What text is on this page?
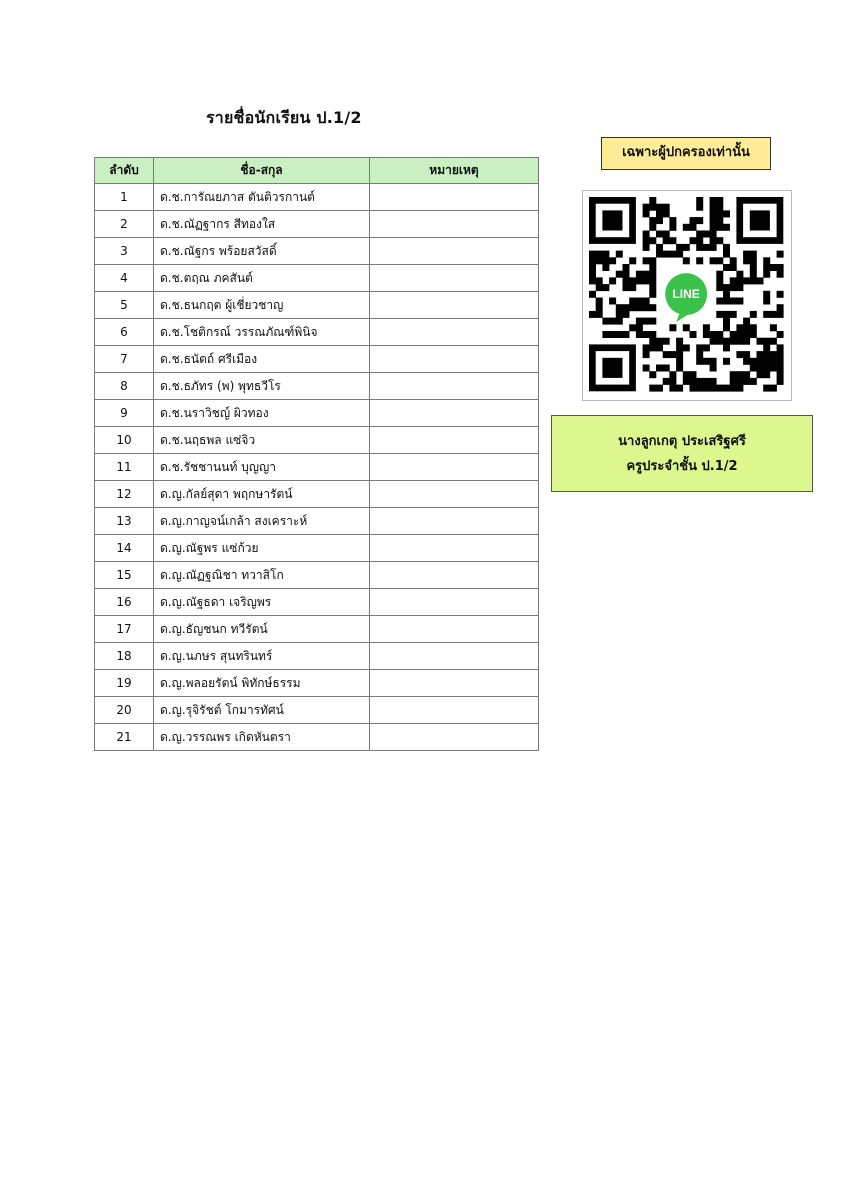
รายชื่อนักเรียน ป.1/2
ลำดับ	ชื่อ-สกุล	หมายเหตุ
1	ด.ช.การัณยภาส ตันติวรกานต์	
2	ด.ช.ณัฏฐากร สีทองใส	
3	ด.ช.ณัฐกร พร้อยสวัสดิ์	
4	ด.ช.ตฤณ ภคสันต์	
5	ด.ช.ธนกฤต ผู้เชี่ยวชาญ	
6	ด.ช.โชติกรณ์ วรรณภัณฑ์พินิจ	
7	ด.ช.ธนัตถ์ ศรีเมือง	
8	ด.ช.ธภัทร (พ) พุทธวีโร	
9	ด.ช.นราวิชญ์ ผิวทอง	
10	ด.ช.นฤธพล แซ่จิว	
11	ด.ช.รัชชานนท์ บุญญา	
12	ด.ญ.กัลย์สุดา พฤกษารัตน์	
13	ด.ญ.กาญจน์เกล้า สงเคราะห์	
14	ด.ญ.ณัฐพร แซ่ก้วย	
15	ด.ญ.ณัฏฐณิชา ทวาสิโก	
16	ด.ญ.ณัฐธดา เจริญพร	
17	ด.ญ.ธัญชนก ทวีรัตน์	
18	ด.ญ.นภษร สุนทรินทร์	
19	ด.ญ.พลอยรัตน์ พิทักษ์ธรรม	
20	ด.ญ.รุจิรัชต์ โกมารทัศน์	
21	ด.ญ.วรรณพร เกิดหันตรา	
เฉพาะผู้ปกครองเท่านั้น
LINE
นางลูกเกตุ ประเสริฐศรี
ครูประจำชั้น ป.1/2
